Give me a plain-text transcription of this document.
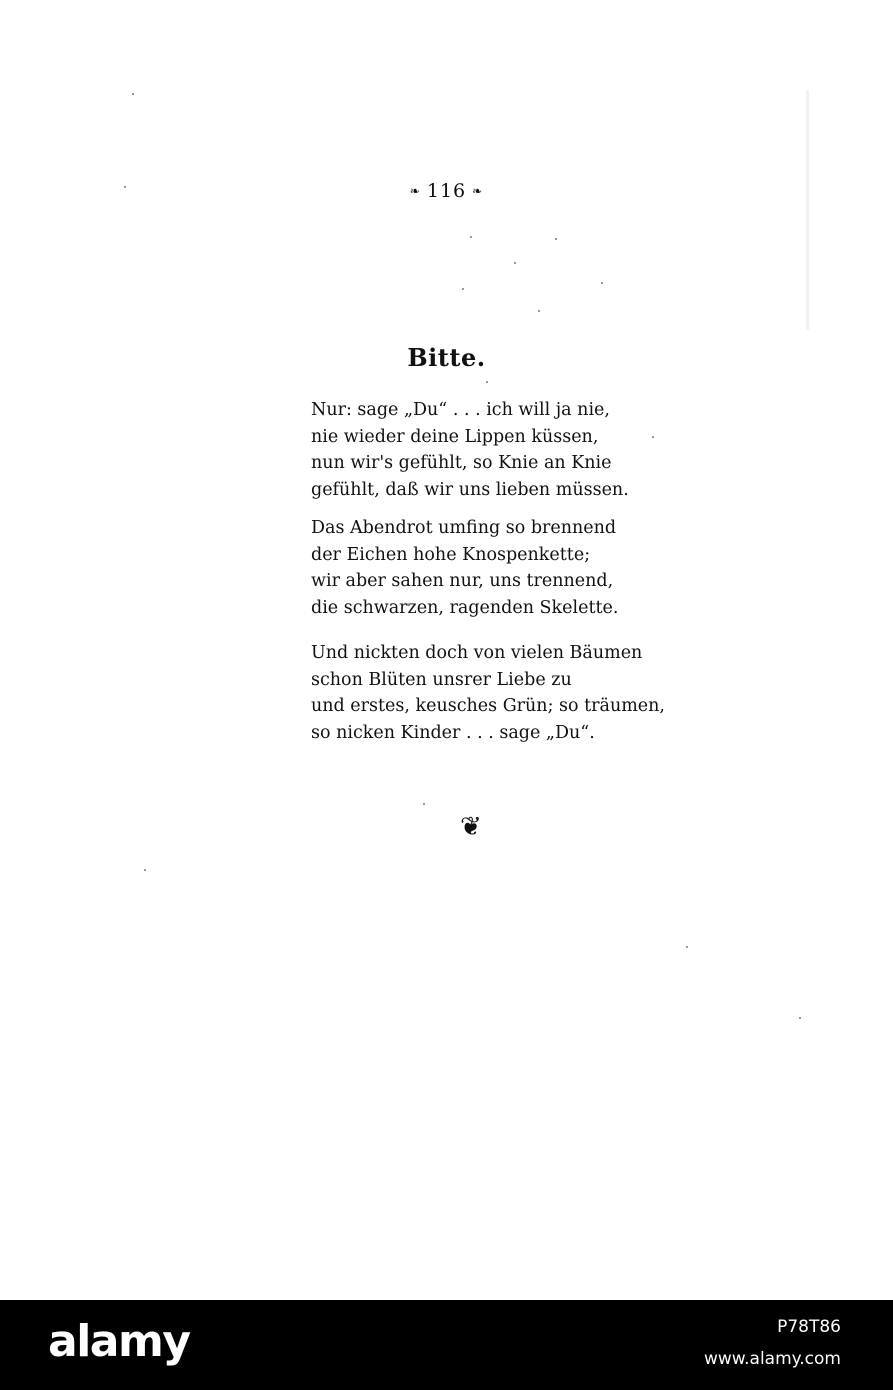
❧ 116 ❧
Bitte.
Nur: sage „Du“ . . . ich will ja nie,
nie wieder deine Lippen küssen,
nun wir's gefühlt, so Knie an Knie
gefühlt, daß wir uns lieben müssen.
Das Abendrot umfing so brennend
der Eichen hohe Knospenkette;
wir aber sahen nur, uns trennend,
die schwarzen, ragenden Skelette.
Und nickten doch von vielen Bäumen
schon Blüten unsrer Liebe zu
und erstes, keusches Grün; so träumen,
so nicken Kinder . . . sage „Du“.
❦
alamy	P78T86
www.alamy.com
